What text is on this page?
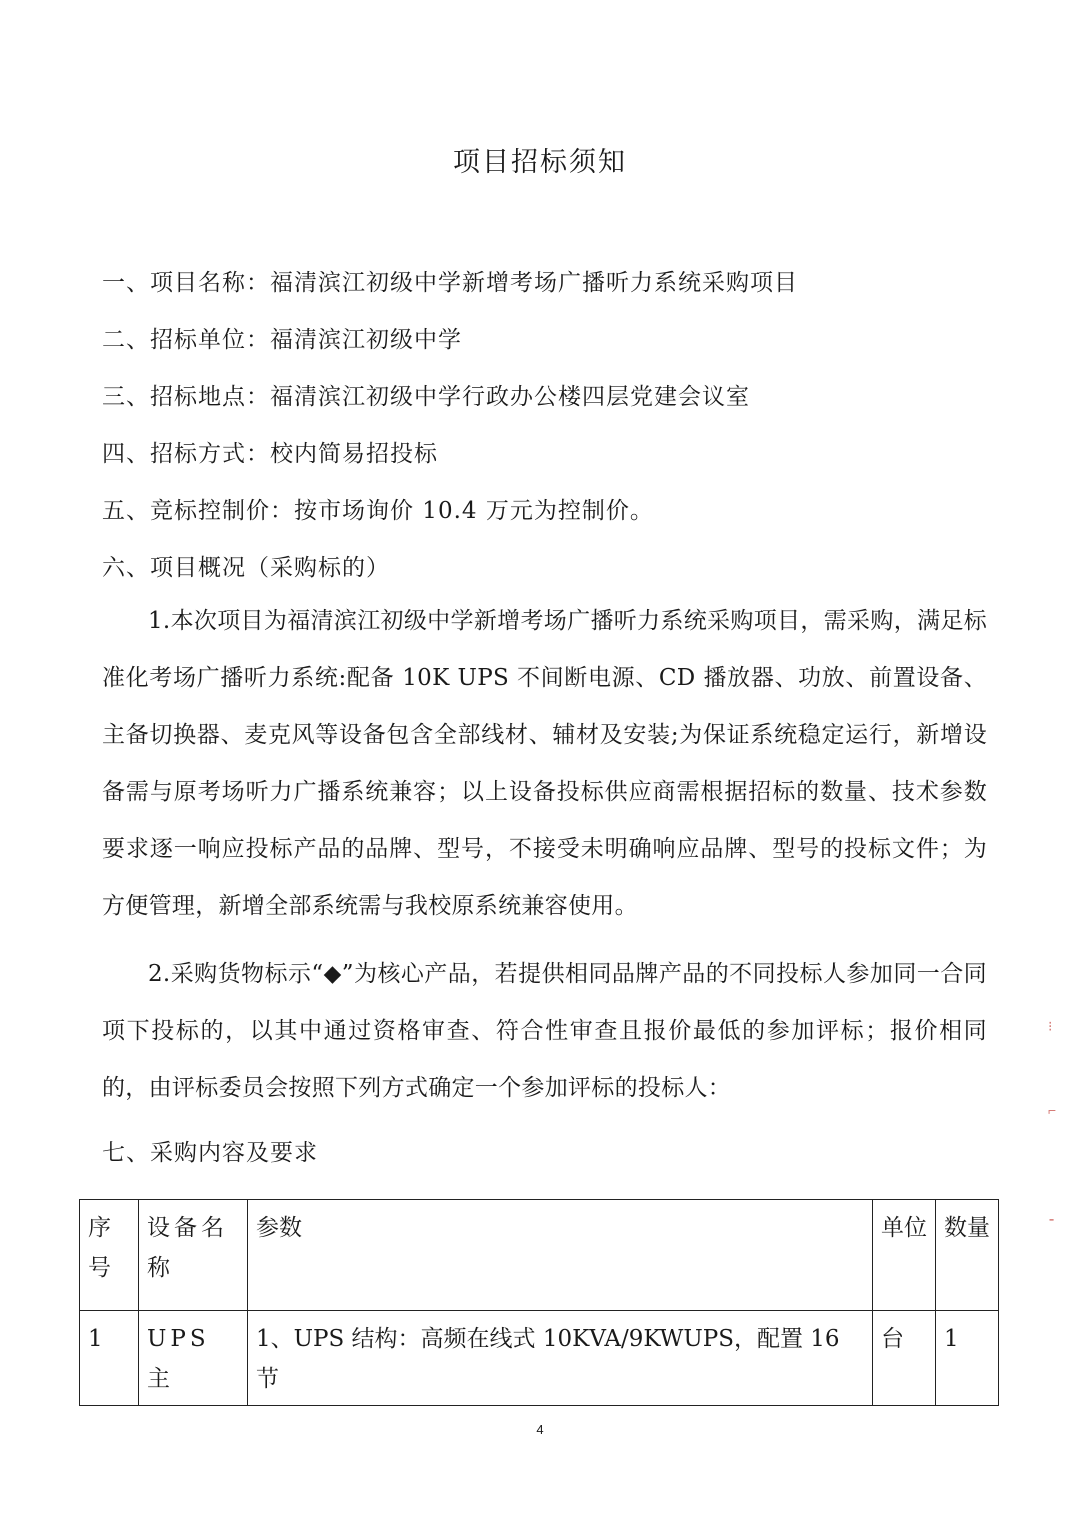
项目招标须知
一、项目名称：福清滨江初级中学新增考场广播听力系统采购项目
二、招标单位：福清滨江初级中学
三、招标地点：福清滨江初级中学行政办公楼四层党建会议室
四、招标方式：校内简易招投标
五、竞标控制价：按市场询价 10.4 万元为控制价。
六、项目概况（采购标的）

1.本次项目为福清滨江初级中学新增考场广播听力系统采购项目，需采购，满足标准化考场广播听力系统:配备 10K UPS 不间断电源、CD 播放器、功放、前置设备、主备切换器、麦克风等设备包含全部线材、辅材及安装;为保证系统稳定运行，新增设备需与原考场听力广播系统兼容；以上设备投标供应商需根据招标的数量、技术参数要求逐一响应投标产品的品牌、型号，不接受未明确响应品牌、型号的投标文件；为方便管理，新增全部系统需与我校原系统兼容使用。

2.采购货物标示“◆”为核心产品，若提供相同品牌产品的不同投标人参加同一合同项下投标的，以其中通过资格审查、符合性审查且报价最低的参加评标；报价相同的，由评标委员会按照下列方式确定一个参加评标的投标人：

七、采购内容及要求
序号	设备名称	参数	单位	数量
1	UPS 主	1、UPS 结构：高频在线式 10KVA/9KWUPS，配置 16 节	台	1
4
⁝
⌐
⁃
